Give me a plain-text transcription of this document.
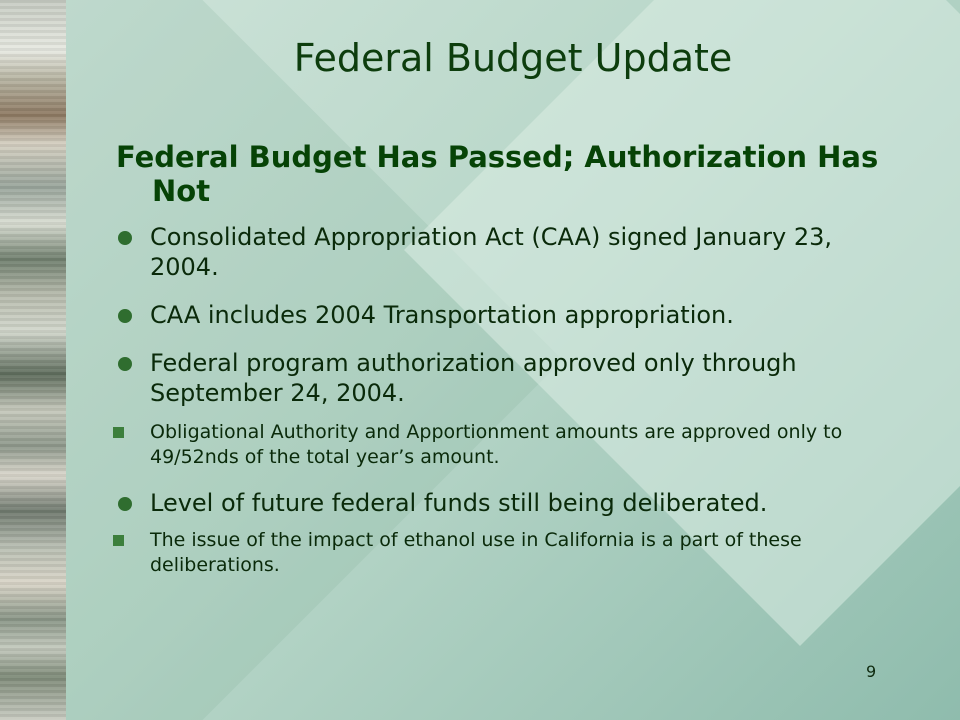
Federal Budget Update
Federal Budget Has Passed; Authorization Has Not
Consolidated Appropriation Act (CAA) signed January 23, 2004.
CAA includes 2004 Transportation appropriation.
Federal program authorization approved only through September 24, 2004.
Obligational Authority and Apportionment amounts are approved only to 49/52nds of the total year’s amount.
Level of future federal funds still being deliberated.
The issue of the impact of ethanol use in California is a part of these deliberations.
9
